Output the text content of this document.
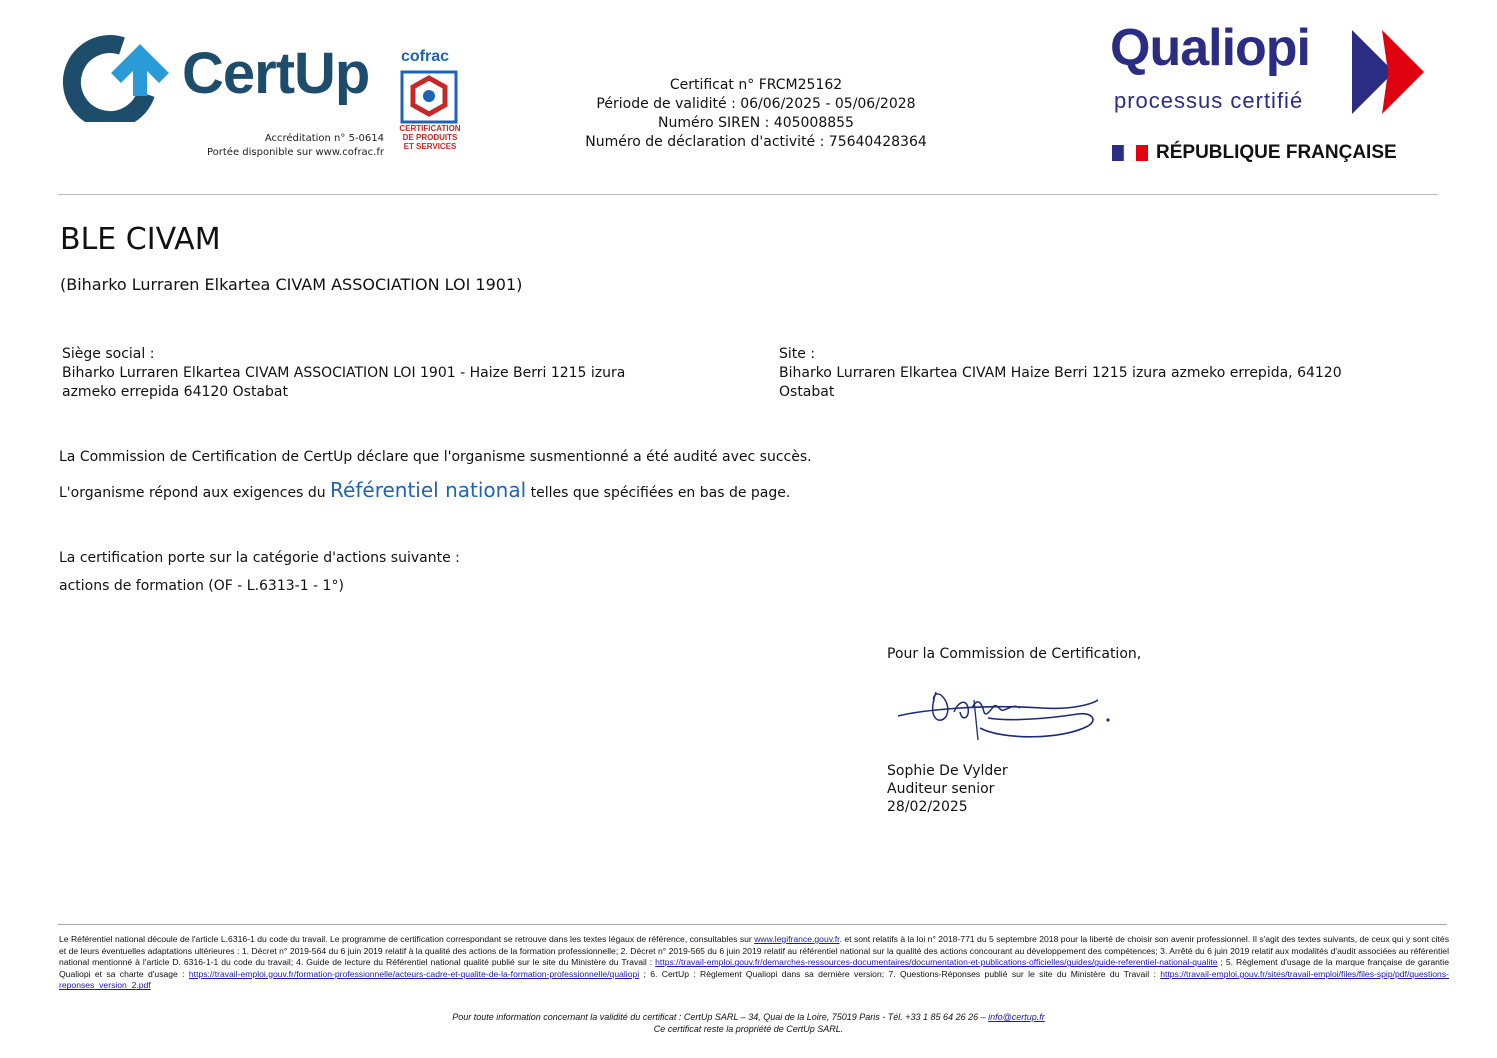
CertUp cofrac
CERTIFICATION
DE PRODUITS
ET SERVICES
Accréditation n° 5-0614
Portée disponible sur www.cofrac.fr
Certificat n° FRCM25162
Période de validité : 06/06/2025 - 05/06/2028
Numéro SIREN : 405008855
Numéro de déclaration d'activité : 75640428364
Qualiopi
processus certifié
RÉPUBLIQUE FRANÇAISE
BLE CIVAM
(Biharko Lurraren Elkartea CIVAM ASSOCIATION LOI 1901)
Siège social :
Biharko Lurraren Elkartea CIVAM ASSOCIATION LOI 1901 - Haize Berri 1215 izura
azmeko errepida 64120 Ostabat
Site :
Biharko Lurraren Elkartea CIVAM Haize Berri 1215 izura azmeko errepida, 64120
Ostabat
La Commission de Certification de CertUp déclare que l'organisme susmentionné a été audité avec succès.
L'organisme répond aux exigences du Référentiel national telles que spécifiées en bas de page.
La certification porte sur la catégorie d'actions suivante :
actions de formation (OF - L.6313-1 - 1°)
Pour la Commission de Certification,
Sophie De Vylder
Auditeur senior
28/02/2025
Le Référentiel national découle de l'article L.6316-1 du code du travail. Le programme de certification correspondant se retrouve dans les textes légaux de référence, consultables sur www.legifrance.gouv.fr. et sont relatifs à la loi n° 2018-771 du 5 septembre 2018 pour la liberté de choisir son avenir professionnel. Il s'agit des textes suivants, de ceux qui y sont cités et de leurs éventuelles adaptations ultérieures : 1. Décret n° 2019-564 du 6 juin 2019 relatif à la qualité des actions de la formation professionnelle; 2. Décret n° 2019-565 du 6 juin 2019 relatif au référentiel national sur la qualité des actions concourant au développement des compétences; 3. Arrêté du 6 juin 2019 relatif aux modalités d'audit associées au référentiel national mentionné à l'article D. 6316-1-1 du code du travail; 4. Guide de lecture du Référentiel national qualité publié sur le site du Ministère du Travail : https://travail-emploi.gouv.fr/demarches-ressources-documentaires/documentation-et-publications-officielles/guides/guide-referentiel-national-qualite ; 5. Règlement d'usage de la marque française de garantie Qualiopi et sa charte d'usage : https://travail-emploi.gouv.fr/formation-professionnelle/acteurs-cadre-et-qualite-de-la-formation-professionnelle/qualiopi ; 6. CertUp : Règlement Qualiopi dans sa dernière version; 7. Questions-Réponses publié sur le site du Ministère du Travail : https://travail-emploi.gouv.fr/sites/travail-emploi/files/files-spip/pdf/questions-reponses_version_2.pdf
Pour toute information concernant la validité du certificat : CertUp SARL – 34, Quai de la Loire, 75019 Paris - Tél. +33 1 85 64 26 26 – info@certup.fr
Ce certificat reste la propriété de CertUp SARL.
